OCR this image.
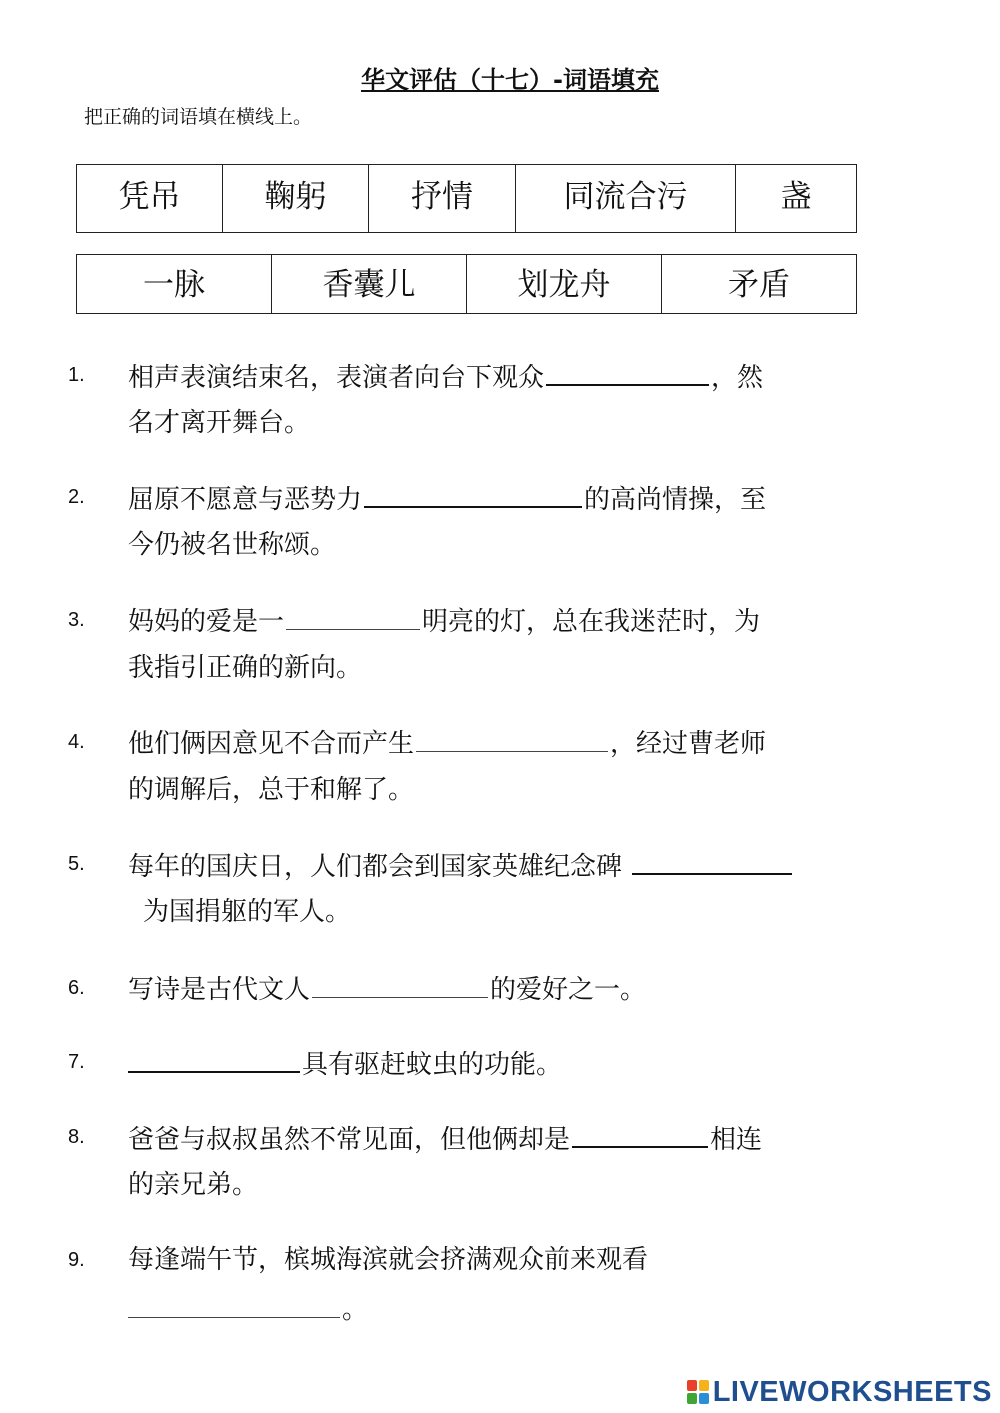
华文评估（十七）-词语填充
把正确的词语填在横线上。
凭吊	鞠躬	抒情	同流合污	盏
一脉	香囊儿	划龙舟	矛盾
1. 相声表演结束名，表演者向台下观众	，然
名才离开舞台。
2. 屈原不愿意与恶势力	的高尚情操，至
今仍被名世称颂。
3. 妈妈的爱是一	明亮的灯，总在我迷茫时，为
我指引正确的新向。
4. 他们俩因意见不合而产生	，经过曹老师
的调解后，总于和解了。
5. 每年的国庆日，人们都会到国家英雄纪念碑
为国捐躯的军人。
6. 写诗是古代文人	的爱好之一。
7.	具有驱赶蚊虫的功能。
8. 爸爸与叔叔虽然不常见面，但他俩却是	相连
的亲兄弟。
9. 每逢端午节，槟城海滨就会挤满观众前来观看
。
LIVEWORKSHEETS
